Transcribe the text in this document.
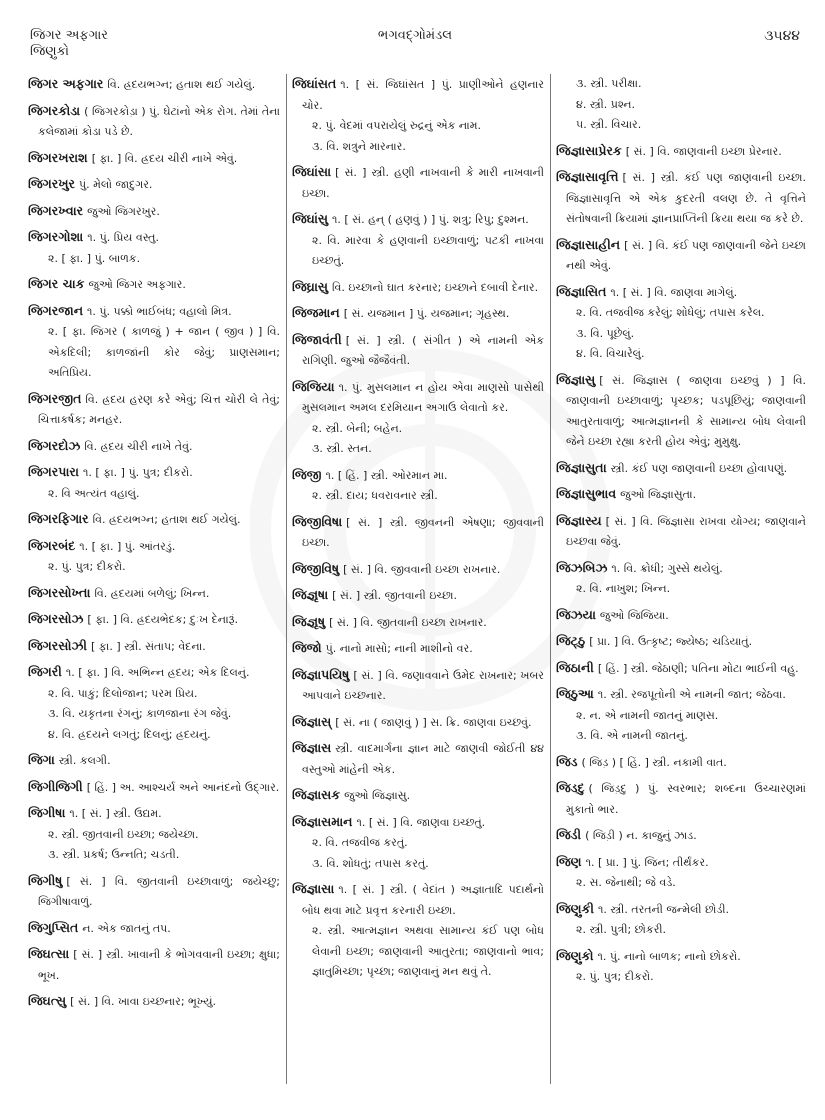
જિગર અફગાર
જિણુકો
ભગવદ્ગોમંડલ	૩૫૪૪
જિગર અફગાર વિ. હ્રદયભગ્ન; હતાશ થઈ ગયેલું.
જિગરકોડા ( જિગરકોડ઼ા ) પું. ઘેટાંનો એક રોગ. તેમાં તેના કલેજામાં કોડા પડે છે.
જિગરખરાશ [ ફા. ] વિ. હ્રદય ચીરી નાખે એવું.
જિગરખુર પું. મેલો જાદુગર.
જિગરખ્વાર જુઓ જિગરખુર.
જિગરગોશા ૧. પું. પ્રિય વસ્તુ.
૨. [ ફા. ] પું. બાળક.
જિગર ચાક જુઓ જિગર અફગાર.
જિગરજાન ૧. પું. પક્કો ભાઈબંધ; વહાલો મિત્ર.
૨. [ ફા. જિગર ( કાળજું ) + જાન ( જીવ ) ] વિ. એકદિલી; કાળજાંની કોર જેવું; પ્રાણસમાન; અતિપ્રિય.
જિગરજીત વિ. હ્રદય હરણ કરે એવું; ચિત્ત ચોરી લે તેવું; ચિત્તાકર્ષક; મનહર.
જિગરદોઝ વિ. હ્રદય ચીરી નાખે તેવું.
જિગરપારા ૧. [ ફા. ] પું. પુત્ર; દીકરો.
૨. વિ અત્યંત વહાલું.
જિગરફિગાર વિ. હ્રદયભગ્ન; હતાશ થઈ ગયેલું.
જિગરબંદ ૧. [ ફા. ] પું. આંતરડું.
૨. પું. પુત્ર; દીકરો.
જિગરસોખ્તા વિ. હ્રદયમાં બળેલું; ખિન્ન.
જિગરસોઝ [ ફા. ] વિ. હ્રદયભેદક; દુઃખ દેનારૂં.
જિગરસોઝી [ ફા. ] સ્ત્રી. સંતાપ; વેદના.
જિગરી ૧. [ ફા. ] વિ. અભિન્ન હ્રદય; એક દિલનું.
૨. વિ. પાકું; દિલોજાન; પરમ પ્રિય.
૩. વિ. યકૃતના રંગનું; કાળજાના રંગ જેવું.
૪. વિ. હ્રદયને લગતું; દિલનું; હ્રદયનું.
જિગા સ્ત્રી. કલગી.
જિગીજિગી [ હિં. ] અ. આશ્ચર્ય અને આનંદનો ઉદ્ગાર.
જિગીષા ૧. [ સં. ] સ્ત્રી. ઉદ્યમ.
૨. સ્ત્રી. જીતવાની ઇચ્છા; જયેચ્છા.
૩. સ્ત્રી. પ્રકર્ષ; ઉન્નતિ; ચડતી.
જિગીષુ [ સં. ] વિ. જીતવાની ઇચ્છાવાળું; જયેચ્છુ; જિગીષાવાળું.
જિગુપ્સિત ન. એક જાતનું તપ.
જિઘત્સા [ સં. ] સ્ત્રી. ખાવાની કે ભોગવવાની ઇચ્છા; ક્ષુધા; ભૂખ.
જિઘત્સુ [ સં. ] વિ. ખાવા ઇચ્છનાર; ભૂખ્યું.
જિઘાંસત ૧. [ સં. જિઘાંસત ] પું. પ્રાણીઓને હણનાર ચોર.
૨. પું. વેદમાં વપરાયેલું રુદ્રનું એક નામ.
૩. વિ. શત્રુને મારનાર.
જિઘાંસા [ સં. ] સ્ત્રી. હણી નાખવાની કે મારી નાખવાની ઇચ્છા.
જિઘાંસુ ૧. [ સં. હન્ ( હણવું ) ] પું. શત્રુ; રિપુ; દુશ્મન.
૨. વિ. મારવા કે હણવાની ઇચ્છાવાળું; પટકી નાખવા ઇચ્છતું.
જિઘ્રાસુ વિ. ઇચ્છાનો ઘાત કરનાર; ઇચ્છાને દબાવી દેનાર.
જિજમાન [ સં. યજમાન ] પું. યજમાન; ગૃહસ્થ.
જિજાવંતી [ સં. ] સ્ત્રી. ( સંગીત ) એ નામની એક રાગિણી. જુઓ જૈજૈવંતી.
જિજિયા ૧. પું. મુસલમાન ન હોય એવા માણસો પાસેથી મુસલમાન અમલ દરમિયાન અગાઉ લેવાતો કર.
૨. સ્ત્રી. બેની; બહેન.
૩. સ્ત્રી. સ્તન.
જિજી ૧. [ હિં. ] સ્ત્રી. ઓરમાન મા.
૨. સ્ત્રી. દાય; ધવરાવનાર સ્ત્રી.
જિજીવિષા [ સં. ] સ્ત્રી. જીવનની એષણા; જીવવાની ઇચ્છા.
જિજીવિષુ [ સં. ] વિ. જીવવાની ઇચ્છા રાખનાર.
જિજ્ઞૃષા [ સં. ] સ્ત્રી. જીતવાની ઇચ્છા.
જિજ્ઞૃષુ [ સં. ] વિ. જીતવાની ઇચ્છા રાખનાર.
જિજો પું. નાનો માસો; નાની માશીનો વર.
જિજ્ઞાપયિષુ [ સં. ] વિ. જણાવવાને ઉમેદ રાખનાર; ખબર આપવાને ઇચ્છનાર.
જિજ્ઞાસ્ [ સં. ના ( જાણવું ) ] સ. ક્રિ. જાણવા ઇચ્છવું.
જિજ્ઞાસ સ્ત્રી. વાદમાર્ગના જ્ઞાન માટે જાણવી જોઈતી ૪૪ વસ્તુઓ માંહેની એક.
જિજ્ઞાસક જુઓ જિજ્ઞાસુ.
જિજ્ઞાસમાન ૧. [ સં. ] વિ. જાણવા ઇચ્છતું.
૨. વિ. તજવીજ કરતું.
૩. વિ. શોધતું; તપાસ કરતું.
જિજ્ઞાસા ૧. [ સં. ] સ્ત્રી. ( વેદાંત ) અજ્ઞાતાદિ પદાર્થનો બોધ થવા માટે પ્રવૃત્ત કરનારી ઇચ્છા.
૨. સ્ત્રી. આત્મજ્ઞાન અથવા સામાન્ય કંઈ પણ બોધ લેવાની ઇચ્છા; જાણવાની આતુરતા; જાણવાનો ભાવ; જ્ઞાતુમિચ્છા; પૃચ્છા; જાણવાનું મન થવું તે.
૩. સ્ત્રી. પરીક્ષા.
૪. સ્ત્રી. પ્રશ્ન.
૫. સ્ત્રી. વિચાર.
જિજ્ઞાસાપ્રેરક [ સં. ] વિ. જાણવાની ઇચ્છા પ્રેરનાર.
જિજ્ઞાસાવૃત્તિ [ સં. ] સ્ત્રી. કંઈ પણ જાણવાની ઇચ્છા. જિજ્ઞાસાવૃત્તિ એ એક કુદરતી વલણ છે. તે વૃત્તિને સંતોષવાની ક્રિયામાં જ્ઞાનપ્રાપ્તિની ક્રિયા થયા જ કરે છે.
જિજ્ઞાસાહીન [ સં. ] વિ. કંઈ પણ જાણવાની જેને ઇચ્છા નથી એવું.
જિજ્ઞાસિત ૧. [ સં. ] વિ. જાણવા માગેલું.
૨. વિ. તજવીજ કરેલું; શોધેલું; તપાસ કરેલ.
૩. વિ. પૂછેલું.
૪. વિ. વિચારેલું.
જિજ્ઞાસુ [ સં. જિજ્ઞાસ ( જાણવા ઇચ્છવું ) ] વિ. જાણવાની ઇચ્છાવાળું; પૃચ્છક; પડપૂછિયું; જાણવાની આતુરતાવાળું; આત્મજ્ઞાનની કે સામાન્ય બોધ લેવાની જેને ઇચ્છા રહ્યા કરતી હોય એવું; મુમુક્ષુ.
જિજ્ઞાસુતા સ્ત્રી. કંઈ પણ જાણવાની ઇચ્છા હોવાપણું.
જિજ્ઞાસુભાવ જુઓ જિજ્ઞાસુતા.
જિજ્ઞાસ્ય [ સં. ] વિ. જિજ્ઞાસા રાખવા યોગ્ય; જાણવાને ઇચ્છવા જેવું.
જિઝબિઝ ૧. વિ. ક્રોધી; ગુસ્સે થયેલું.
૨. વિ. નાખુશ; ખિન્ન.
જિઝયા જુઓ જિજિયા.
જિટ્ઠુ [ પ્રા. ] વિ. ઉત્કૃષ્ટ; જ્યેષ્ઠ; ચડિયાતું.
જિઠાની [ હિં. ] સ્ત્રી. જેઠાણી; પતિના મોટા ભાઈની વહુ.
જિઠુઆ ૧. સ્ત્રી. રજપૂતોની એ નામની જાત; જેઠવા.
૨. ન. એ નામની જાતનું માણસ.
૩. વિ. એ નામની જાતનું.
જિડ ( જિડ઼ ) [ હિં. ] સ્ત્રી. નકામી વાત.
જિડદુ ( જિડ઼દુ ) પું. સ્વરભાર; શબ્દના ઉચ્ચારણમાં મુકાતો ભાર.
જિડી ( જિડ઼ી ) ન. કાજુનું ઝાડ.
જિણ ૧. [ પ્રા. ] પું. જિન; તીર્થંકર.
૨. સ. જેનાથી; જે વડે.
જિણુકી ૧. સ્ત્રી. તરતની જન્મેલી છોડી.
૨. સ્ત્રી. પુત્રી; છોકરી.
જિણુકો ૧. પું. નાનો બાળક; નાનો છોકરો.
૨. પું. પુત્ર; દીકરો.
